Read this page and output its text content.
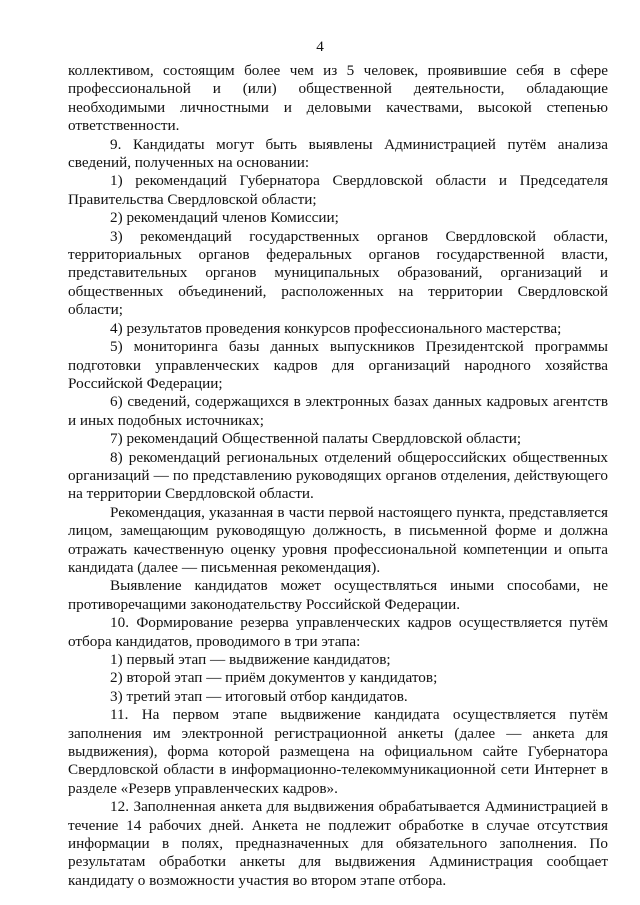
4

коллективом, состоящим более чем из 5 человек, проявившие себя в сфере профессиональной и (или) общественной деятельности, обладающие необходимыми личностными и деловыми качествами, высокой степенью ответственности.

9. Кандидаты могут быть выявлены Администрацией путём анализа сведений, полученных на основании:

1) рекомендаций Губернатора Свердловской области и Председателя Правительства Свердловской области;

2) рекомендаций членов Комиссии;

3) рекомендаций государственных органов Свердловской области, территориальных органов федеральных органов государственной власти, представительных органов муниципальных образований, организаций и общественных объединений, расположенных на территории Свердловской области;

4) результатов проведения конкурсов профессионального мастерства;

5) мониторинга базы данных выпускников Президентской программы подготовки управленческих кадров для организаций народного хозяйства Российской Федерации;

6) сведений, содержащихся в электронных базах данных кадровых агентств и иных подобных источниках;

7) рекомендаций Общественной палаты Свердловской области;

8) рекомендаций региональных отделений общероссийских общественных организаций — по представлению руководящих органов отделения, действующего на территории Свердловской области.

Рекомендация, указанная в части первой настоящего пункта, представляется лицом, замещающим руководящую должность, в письменной форме и должна отражать качественную оценку уровня профессиональной компетенции и опыта кандидата (далее — письменная рекомендация).

Выявление кандидатов может осуществляться иными способами, не противоречащими законодательству Российской Федерации.

10. Формирование резерва управленческих кадров осуществляется путём отбора кандидатов, проводимого в три этапа:

1) первый этап — выдвижение кандидатов;

2) второй этап — приём документов у кандидатов;

3) третий этап — итоговый отбор кандидатов.

11. На первом этапе выдвижение кандидата осуществляется путём заполнения им электронной регистрационной анкеты (далее — анкета для выдвижения), форма которой размещена на официальном сайте Губернатора Свердловской области в информационно-телекоммуникационной сети Интернет в разделе «Резерв управленческих кадров».

12. Заполненная анкета для выдвижения обрабатывается Администрацией в течение 14 рабочих дней. Анкета не подлежит обработке в случае отсутствия информации в полях, предназначенных для обязательного заполнения. По результатам обработки анкеты для выдвижения Администрация сообщает кандидату о возможности участия во втором этапе отбора.
